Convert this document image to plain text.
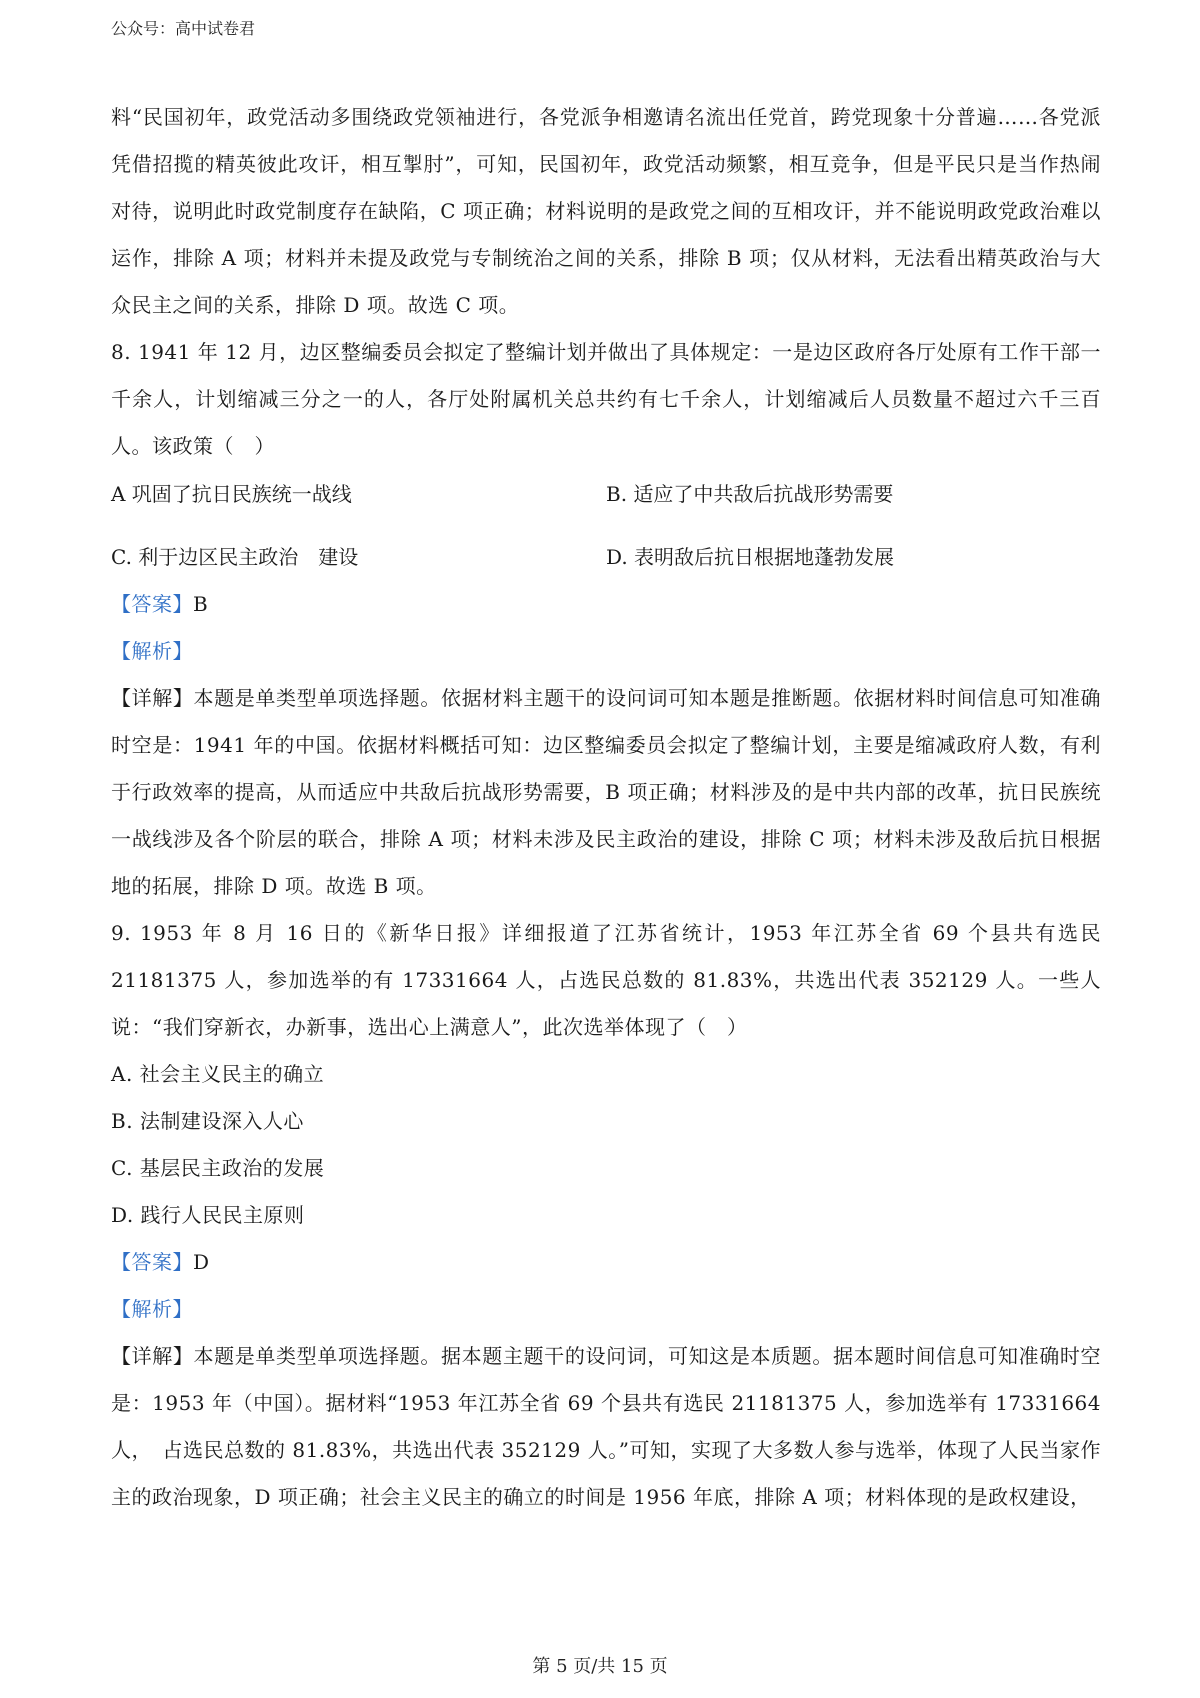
公众号：高中试卷君

料“民国初年，政党活动多围绕政党领袖进行，各党派争相邀请名流出任党首，跨党现象十分普遍……各党派凭借招揽的精英彼此攻讦，相互掣肘”，可知，民国初年，政党活动频繁，相互竞争，但是平民只是当作热闹对待，说明此时政党制度存在缺陷，C 项正确；材料说明的是政党之间的互相攻讦，并不能说明政党政治难以运作，排除 A 项；材料并未提及政党与专制统治之间的关系，排除 B 项；仅从材料，无法看出精英政治与大众民主之间的关系，排除 D 项。故选 C 项。

8. 1941 年 12 月，边区整编委员会拟定了整编计划并做出了具体规定：一是边区政府各厅处原有工作干部一千余人，计划缩减三分之一的人，各厅处附属机关总共约有七千余人，计划缩减后人员数量不超过六千三百人。该政策（　）

A 巩固了抗日民族统一战线	B. 适应了中共敌后抗战形势需要
C. 利于边区民主政治　建设	D. 表明敌后抗日根据地蓬勃发展

【答案】B

【解析】

【详解】本题是单类型单项选择题。依据材料主题干的设问词可知本题是推断题。依据材料时间信息可知准确时空是：1941 年的中国。依据材料概括可知：边区整编委员会拟定了整编计划，主要是缩减政府人数，有利于行政效率的提高，从而适应中共敌后抗战形势需要，B 项正确；材料涉及的是中共内部的改革，抗日民族统一战线涉及各个阶层的联合，排除 A 项；材料未涉及民主政治的建设，排除 C 项；材料未涉及敌后抗日根据地的拓展，排除 D 项。故选 B 项。

9. 1953 年 8 月 16 日的《新华日报》详细报道了江苏省统计，1953 年江苏全省 69 个县共有选民 21181375 人，参加选举的有 17331664 人，占选民总数的 81.83%，共选出代表 352129 人。一些人说：“我们穿新衣，办新事，选出心上满意人”，此次选举体现了（　）

A. 社会主义民主的确立

B. 法制建设深入人心

C. 基层民主政治的发展

D. 践行人民民主原则

【答案】D

【解析】

【详解】本题是单类型单项选择题。据本题主题干的设问词，可知这是本质题。据本题时间信息可知准确时空是：1953 年（中国）。据材料“1953 年江苏全省 69 个县共有选民 21181375 人，参加选举有 17331664 人，　占选民总数的 81.83%，共选出代表 352129 人。”可知，实现了大多数人参与选举，体现了人民当家作主的政治现象，D 项正确；社会主义民主的确立的时间是 1956 年底，排除 A 项；材料体现的是政权建设，

第 5 页/共 15 页
